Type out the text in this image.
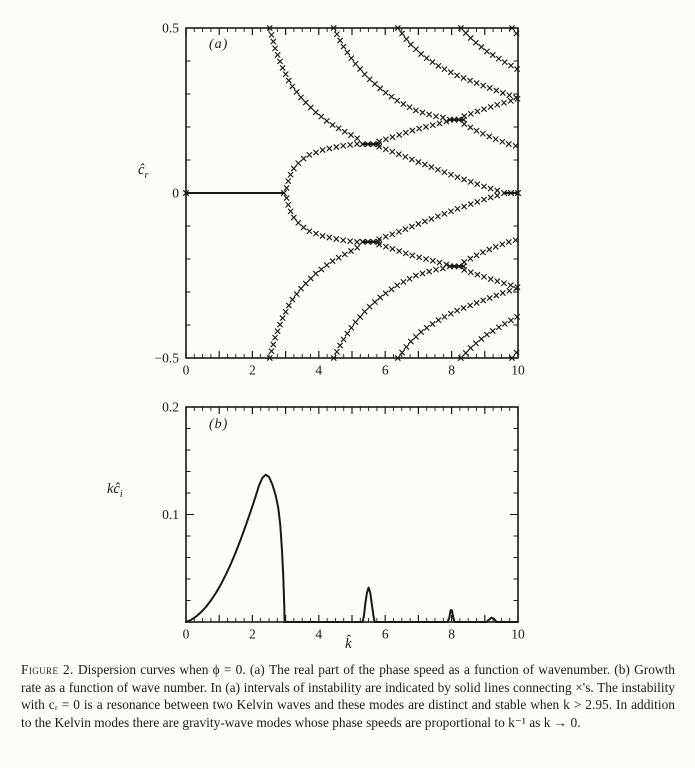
0	2	4	6	8	10
0.5
0
−0.5
0	2	4	6	8	10
0.2
0.1
(a)
$ĉ_r$
(b)
$kĉ_i$
k̂

Figure 2. Dispersion curves when ϕ = 0. (a) The real part of the phase speed as a function of wavenumber. (b) Growth rate as a function of wave number. In (a) intervals of instability are indicated by solid lines connecting ×'s. The instability with cᵣ = 0 is a resonance between two Kelvin waves and these modes are distinct and stable when k > 2.95. In addition to the Kelvin modes there are gravity-wave modes whose phase speeds are proportional to k⁻¹ as k → 0.
